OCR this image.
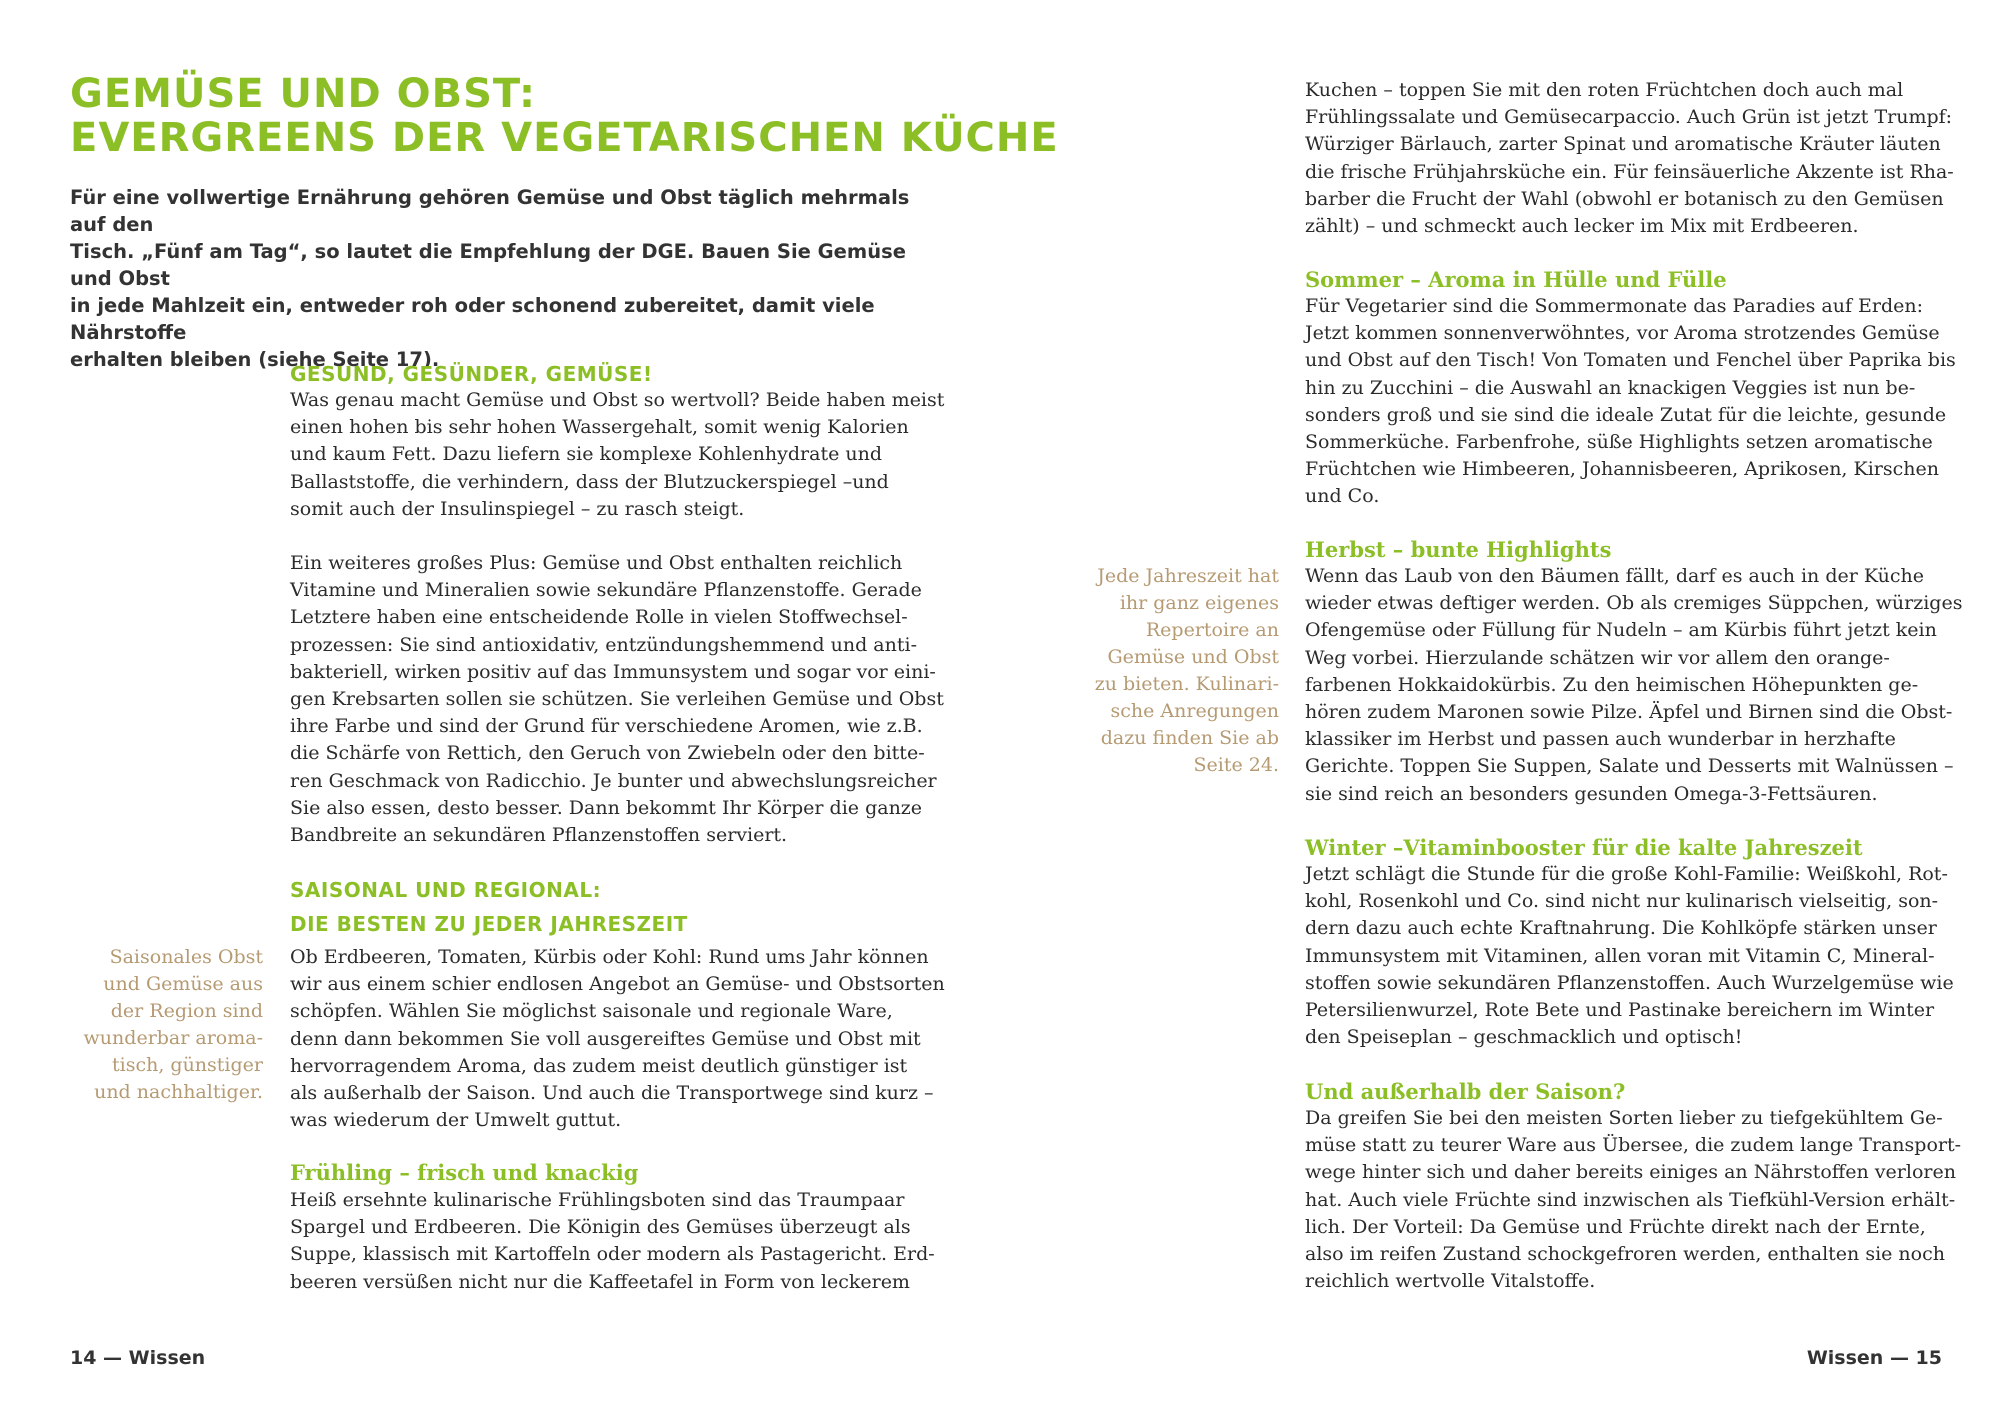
GEMÜSE UND OBST:
EVERGREENS DER VEGETARISCHEN KÜCHE
Für eine vollwertige Ernährung gehören Gemüse und Obst täglich mehrmals auf den
Tisch. „Fünf am Tag“, so lautet die Empfehlung der DGE. Bauen Sie Gemüse und Obst
in jede Mahlzeit ein, entweder roh oder schonend zubereitet, damit viele Nährstoffe
erhalten bleiben (siehe Seite 17).
GESUND, GESÜNDER, GEMÜSE!
Was genau macht Gemüse und Obst so wertvoll? Beide haben meist
einen hohen bis sehr hohen Wassergehalt, somit wenig Kalorien
und kaum Fett. Dazu liefern sie komplexe Kohlenhydrate und
Ballaststoffe, die verhindern, dass der Blutzuckerspiegel –und
somit auch der Insulinspiegel – zu rasch steigt.
Ein weiteres großes Plus: Gemüse und Obst enthalten reichlich
Vitamine und Mineralien sowie sekundäre Pflanzenstoffe. Gerade
Letztere haben eine entscheidende Rolle in vielen Stoffwechsel-
prozessen: Sie sind antioxidativ, entzündungshemmend und anti-
bakteriell, wirken positiv auf das Immunsystem und sogar vor eini-
gen Krebsarten sollen sie schützen. Sie verleihen Gemüse und Obst
ihre Farbe und sind der Grund für verschiedene Aromen, wie z.B.
die Schärfe von Rettich, den Geruch von Zwiebeln oder den bitte-
ren Geschmack von Radicchio. Je bunter und abwechslungsreicher
Sie also essen, desto besser. Dann bekommt Ihr Körper die ganze
Bandbreite an sekundären Pflanzenstoffen serviert.
SAISONAL UND REGIONAL:
DIE BESTEN ZU JEDER JAHRESZEIT
Ob Erdbeeren, Tomaten, Kürbis oder Kohl: Rund ums Jahr können
wir aus einem schier endlosen Angebot an Gemüse- und Obstsorten
schöpfen. Wählen Sie möglichst saisonale und regionale Ware,
denn dann bekommen Sie voll ausgereiftes Gemüse und Obst mit
hervorragendem Aroma, das zudem meist deutlich günstiger ist
als außerhalb der Saison. Und auch die Transportwege sind kurz –
was wiederum der Umwelt guttut.
Frühling – frisch und knackig
Heiß ersehnte kulinarische Frühlingsboten sind das Traumpaar
Spargel und Erdbeeren. Die Königin des Gemüses überzeugt als
Suppe, klassisch mit Kartoffeln oder modern als Pastagericht. Erd-
beeren versüßen nicht nur die Kaffeetafel in Form von leckerem
Saisonales Obst
und Gemüse aus
der Region sind
wunderbar aroma-
tisch, günstiger
und nachhaltiger.
14 — Wissen
Kuchen – toppen Sie mit den roten Früchtchen doch auch mal
Frühlingssalate und Gemüsecarpaccio. Auch Grün ist jetzt Trumpf:
Würziger Bärlauch, zarter Spinat und aromatische Kräuter läuten
die frische Frühjahrsküche ein. Für feinsäuerliche Akzente ist Rha-
barber die Frucht der Wahl (obwohl er botanisch zu den Gemüsen
zählt) – und schmeckt auch lecker im Mix mit Erdbeeren.
Sommer – Aroma in Hülle und Fülle
Für Vegetarier sind die Sommermonate das Paradies auf Erden:
Jetzt kommen sonnenverwöhntes, vor Aroma strotzendes Gemüse
und Obst auf den Tisch! Von Tomaten und Fenchel über Paprika bis
hin zu Zucchini – die Auswahl an knackigen Veggies ist nun be-
sonders groß und sie sind die ideale Zutat für die leichte, gesunde
Sommerküche. Farbenfrohe, süße Highlights setzen aromatische
Früchtchen wie Himbeeren, Johannisbeeren, Aprikosen, Kirschen
und Co.
Herbst – bunte Highlights
Wenn das Laub von den Bäumen fällt, darf es auch in der Küche
wieder etwas deftiger werden. Ob als cremiges Süppchen, würziges
Ofengemüse oder Füllung für Nudeln – am Kürbis führt jetzt kein
Weg vorbei. Hierzulande schätzen wir vor allem den orange-
farbenen Hokkaidokürbis. Zu den heimischen Höhepunkten ge-
hören zudem Maronen sowie Pilze. Äpfel und Birnen sind die Obst-
klassiker im Herbst und passen auch wunderbar in herzhafte
Gerichte. Toppen Sie Suppen, Salate und Desserts mit Walnüssen –
sie sind reich an besonders gesunden Omega-3-Fettsäuren.
Winter –Vitaminbooster für die kalte Jahreszeit
Jetzt schlägt die Stunde für die große Kohl-Familie: Weißkohl, Rot-
kohl, Rosenkohl und Co. sind nicht nur kulinarisch vielseitig, son-
dern dazu auch echte Kraftnahrung. Die Kohlköpfe stärken unser
Immunsystem mit Vitaminen, allen voran mit Vitamin C, Mineral-
stoffen sowie sekundären Pflanzenstoffen. Auch Wurzelgemüse wie
Petersilienwurzel, Rote Bete und Pastinake bereichern im Winter
den Speiseplan – geschmacklich und optisch!
Und außerhalb der Saison?
Da greifen Sie bei den meisten Sorten lieber zu tiefgekühltem Ge-
müse statt zu teurer Ware aus Übersee, die zudem lange Transport-
wege hinter sich und daher bereits einiges an Nährstoffen verloren
hat. Auch viele Früchte sind inzwischen als Tiefkühl-Version erhält-
lich. Der Vorteil: Da Gemüse und Früchte direkt nach der Ernte,
also im reifen Zustand schockgefroren werden, enthalten sie noch
reichlich wertvolle Vitalstoffe.
Jede Jahreszeit hat
ihr ganz eigenes
Repertoire an
Gemüse und Obst
zu bieten. Kulinari-
sche Anregungen
dazu finden Sie ab
Seite 24.
Wissen — 15
